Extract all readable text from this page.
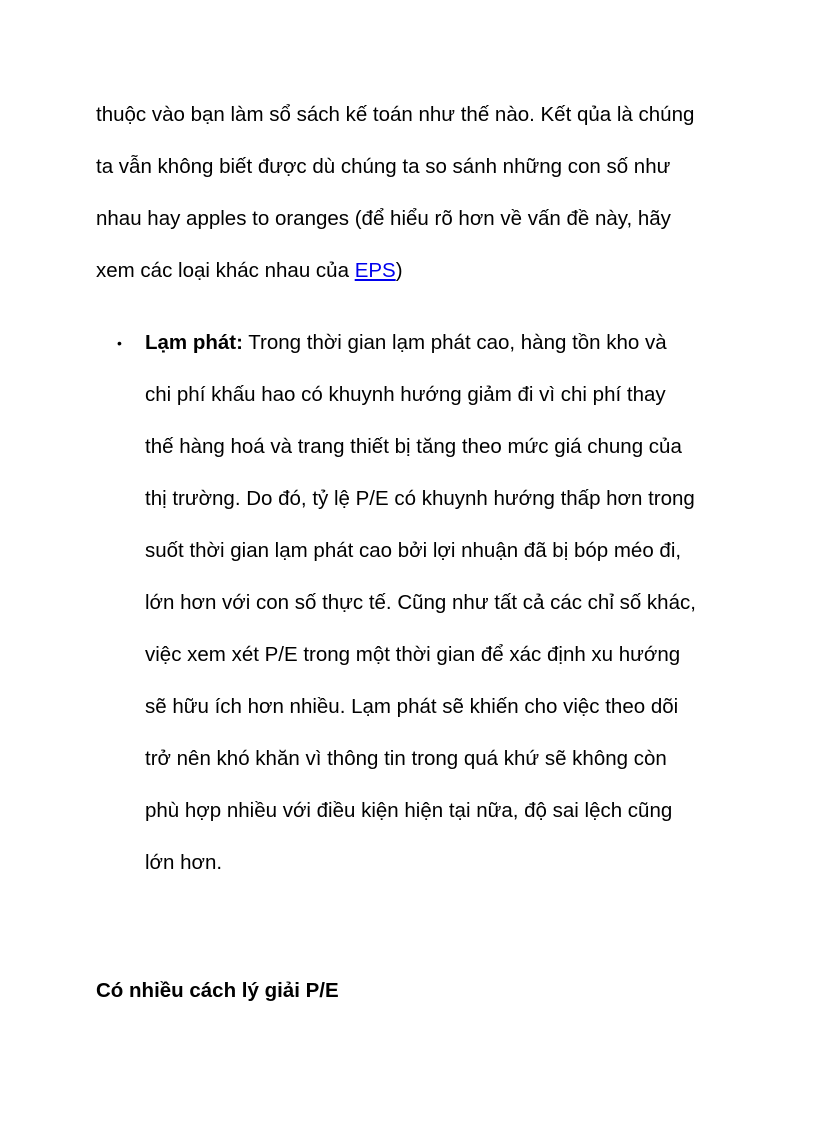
thuộc vào bạn làm sổ sách kế toán như thế nào. Kết qủa là chúng
ta vẫn không biết được dù chúng ta so sánh những con số như
nhau hay apples to oranges (để hiểu rõ hơn về vấn đề này, hãy
xem các loại khác nhau của EPS)

• Lạm phát: Trong thời gian lạm phát cao, hàng tồn kho và
chi phí khấu hao có khuynh hướng giảm đi vì chi phí thay
thế hàng hoá và trang thiết bị tăng theo mức giá chung của
thị trường. Do đó, tỷ lệ P/E có khuynh hướng thấp hơn trong
suốt thời gian lạm phát cao bởi lợi nhuận đã bị bóp méo đi,
lớn hơn với con số thực tế. Cũng như tất cả các chỉ số khác,
việc xem xét P/E trong một thời gian để xác định xu hướng
sẽ hữu ích hơn nhiều. Lạm phát sẽ khiến cho việc theo dõi
trở nên khó khăn vì thông tin trong quá khứ sẽ không còn
phù hợp nhiều với điều kiện hiện tại nữa, độ sai lệch cũng
lớn hơn.
Có nhiều cách lý giải P/E
